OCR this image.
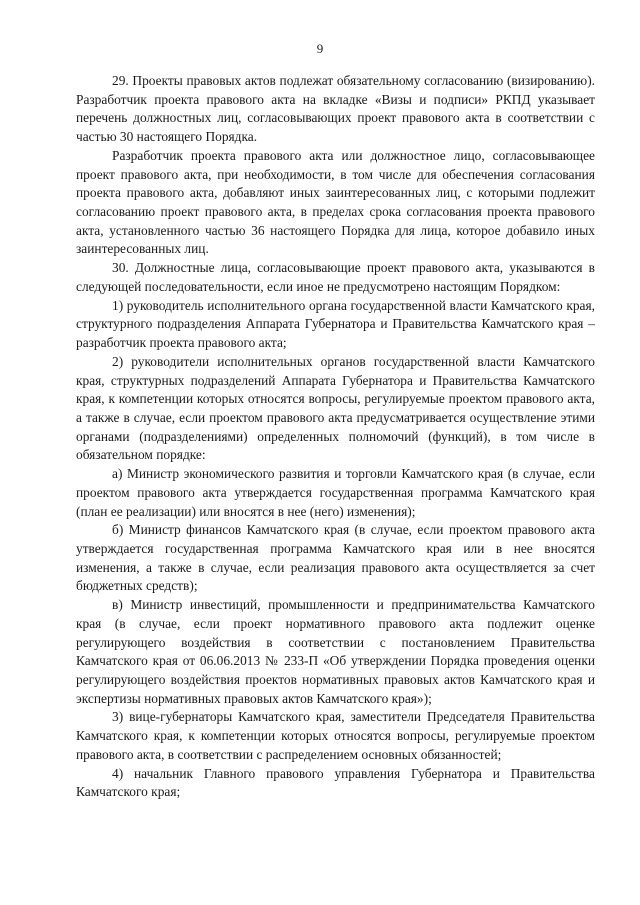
9

29. Проекты правовых актов подлежат обязательному согласованию (визированию). Разработчик проекта правового акта на вкладке «Визы и подписи» РКПД указывает перечень должностных лиц, согласовывающих проект правового акта в соответствии с частью 30 настоящего Порядка.

Разработчик проекта правового акта или должностное лицо, согласовывающее проект правового акта, при необходимости, в том числе для обеспечения согласования проекта правового акта, добавляют иных заинтересованных лиц, с которыми подлежит согласованию проект правового акта, в пределах срока согласования проекта правового акта, установленного частью 36 настоящего Порядка для лица, которое добавило иных заинтересованных лиц.

30. Должностные лица, согласовывающие проект правового акта, указываются в следующей последовательности, если иное не предусмотрено настоящим Порядком:

1) руководитель исполнительного органа государственной власти Камчатского края, структурного подразделения Аппарата Губернатора и Правительства Камчатского края – разработчик проекта правового акта;

2) руководители исполнительных органов государственной власти Камчатского края, структурных подразделений Аппарата Губернатора и Правительства Камчатского края, к компетенции которых относятся вопросы, регулируемые проектом правового акта, а также в случае, если проектом правового акта предусматривается осуществление этими органами (подразделениями) определенных полномочий (функций), в том числе в обязательном порядке:

а) Министр экономического развития и торговли Камчатского края (в случае, если проектом правового акта утверждается государственная программа Камчатского края (план ее реализации) или вносятся в нее (него) изменения);

б) Министр финансов Камчатского края (в случае, если проектом правового акта утверждается государственная программа Камчатского края или в нее вносятся изменения, а также в случае, если реализация правового акта осуществляется за счет бюджетных средств);

в) Министр инвестиций, промышленности и предпринимательства Камчатского края (в случае, если проект нормативного правового акта подлежит оценке регулирующего воздействия в соответствии с постановлением Правительства Камчатского края от 06.06.2013 № 233-П «Об утверждении Порядка проведения оценки регулирующего воздействия проектов нормативных правовых актов Камчатского края и экспертизы нормативных правовых актов Камчатского края»);

3) вице-губернаторы Камчатского края, заместители Председателя Правительства Камчатского края, к компетенции которых относятся вопросы, регулируемые проектом правового акта, в соответствии с распределением основных обязанностей;

4) начальник Главного правового управления Губернатора и Правительства Камчатского края;
